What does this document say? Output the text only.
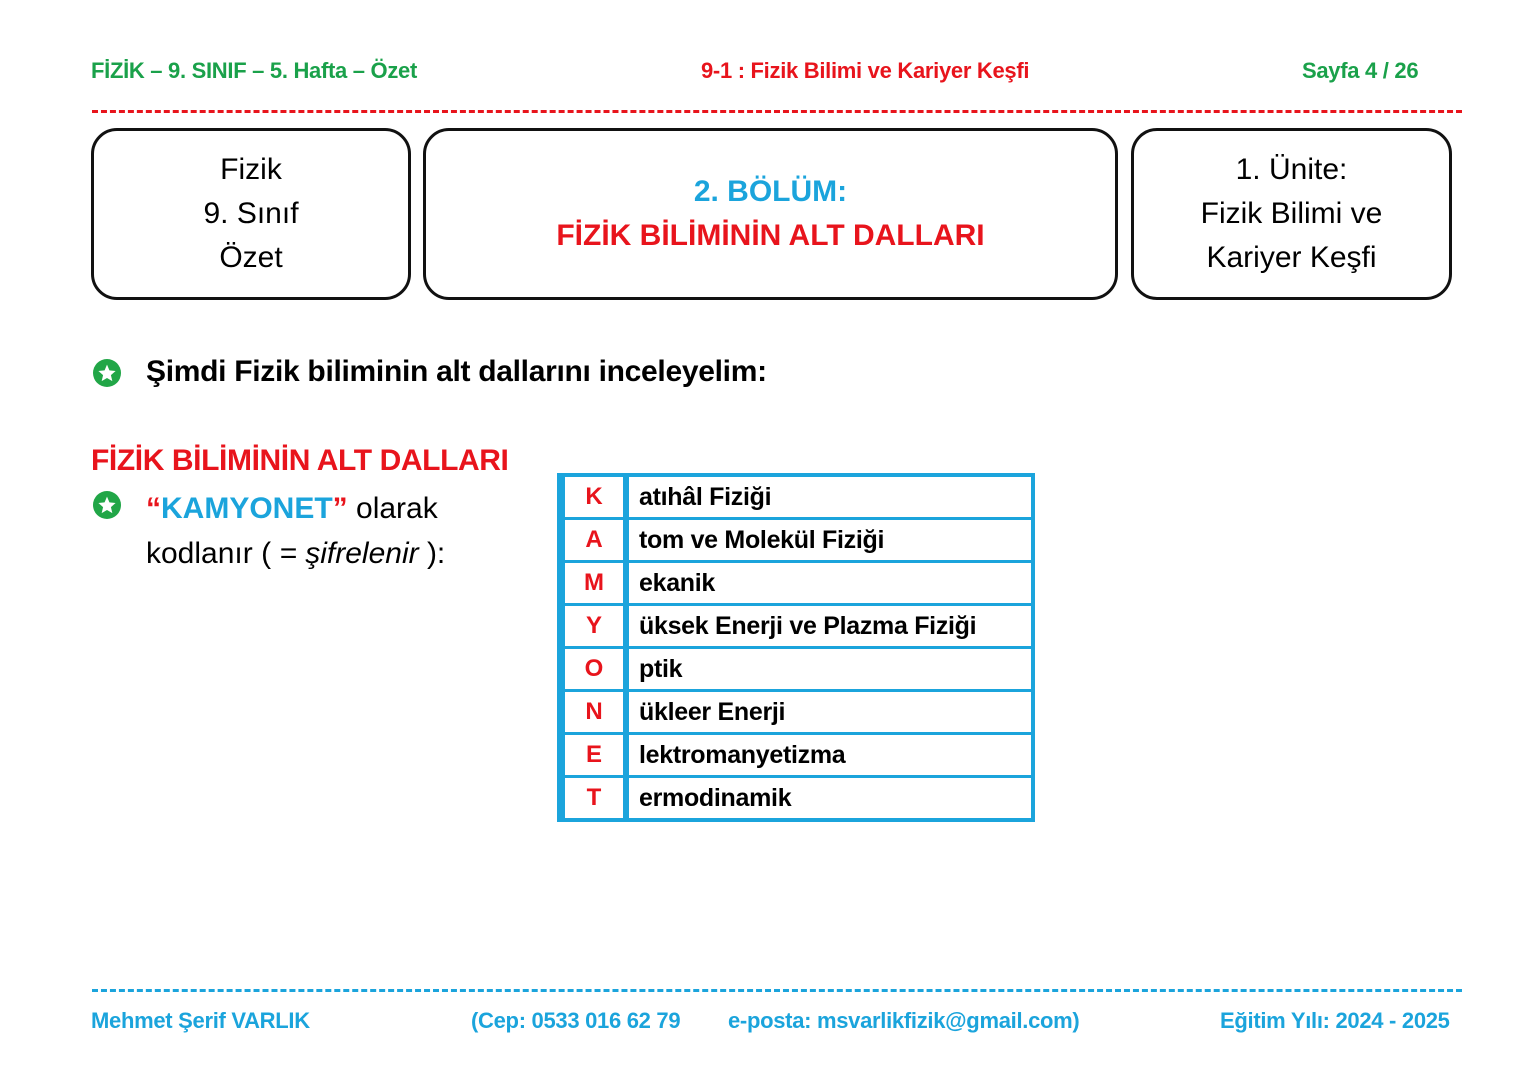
FİZİK – 9. SINIF – 5. Hafta – Özet	9-1 : Fizik Bilimi ve Kariyer Keşfi	Sayfa 4 / 26
Fizik
9. Sınıf
Özet
2. BÖLÜM:
FİZİK BİLİMİNİN ALT DALLARI
1. Ünite:
Fizik Bilimi ve
Kariyer Keşfi
Şimdi Fizik biliminin alt dallarını inceleyelim:
FİZİK BİLİMİNİN ALT DALLARI
“KAMYONET” olarak
kodlanır ( = şifrelenir ):
K	atıhâl Fiziği
A	tom ve Molekül Fiziği
M	ekanik
Y	üksek Enerji ve Plazma Fiziği
O	ptik
N	ükleer Enerji
E	lektromanyetizma
T	ermodinamik
Mehmet Şerif VARLIK	(Cep: 0533 016 62 79 e-posta: msvarlikfizik@gmail.com)	Eğitim Yılı: 2024 - 2025
